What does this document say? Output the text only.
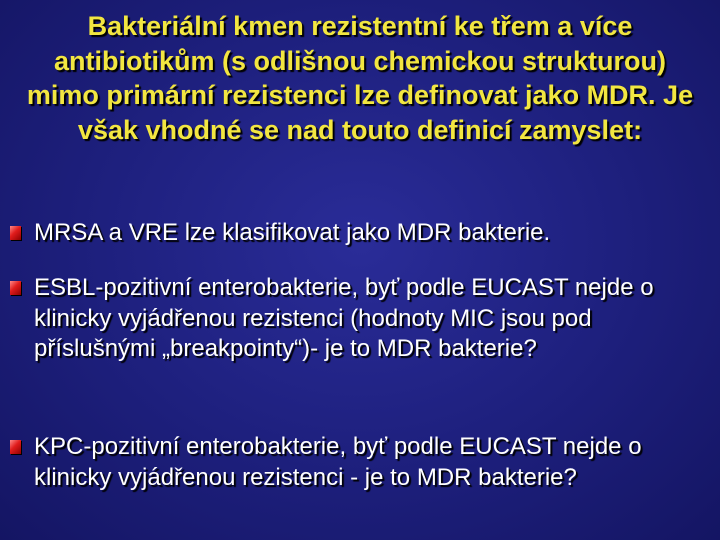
Bakteriální kmen rezistentní ke třem a více antibiotikům (s odlišnou chemickou strukturou) mimo primární rezistenci lze definovat jako MDR. Je však vhodné se nad touto definicí zamyslet:
MRSA a VRE lze klasifikovat jako MDR bakterie.
ESBL-pozitivní enterobakterie, byť podle EUCAST nejde o klinicky vyjádřenou rezistenci (hodnoty MIC jsou pod příslušnými „breakpointy“)- je to MDR bakterie?
KPC-pozitivní enterobakterie, byť podle EUCAST nejde o klinicky vyjádřenou rezistenci - je to MDR bakterie?
